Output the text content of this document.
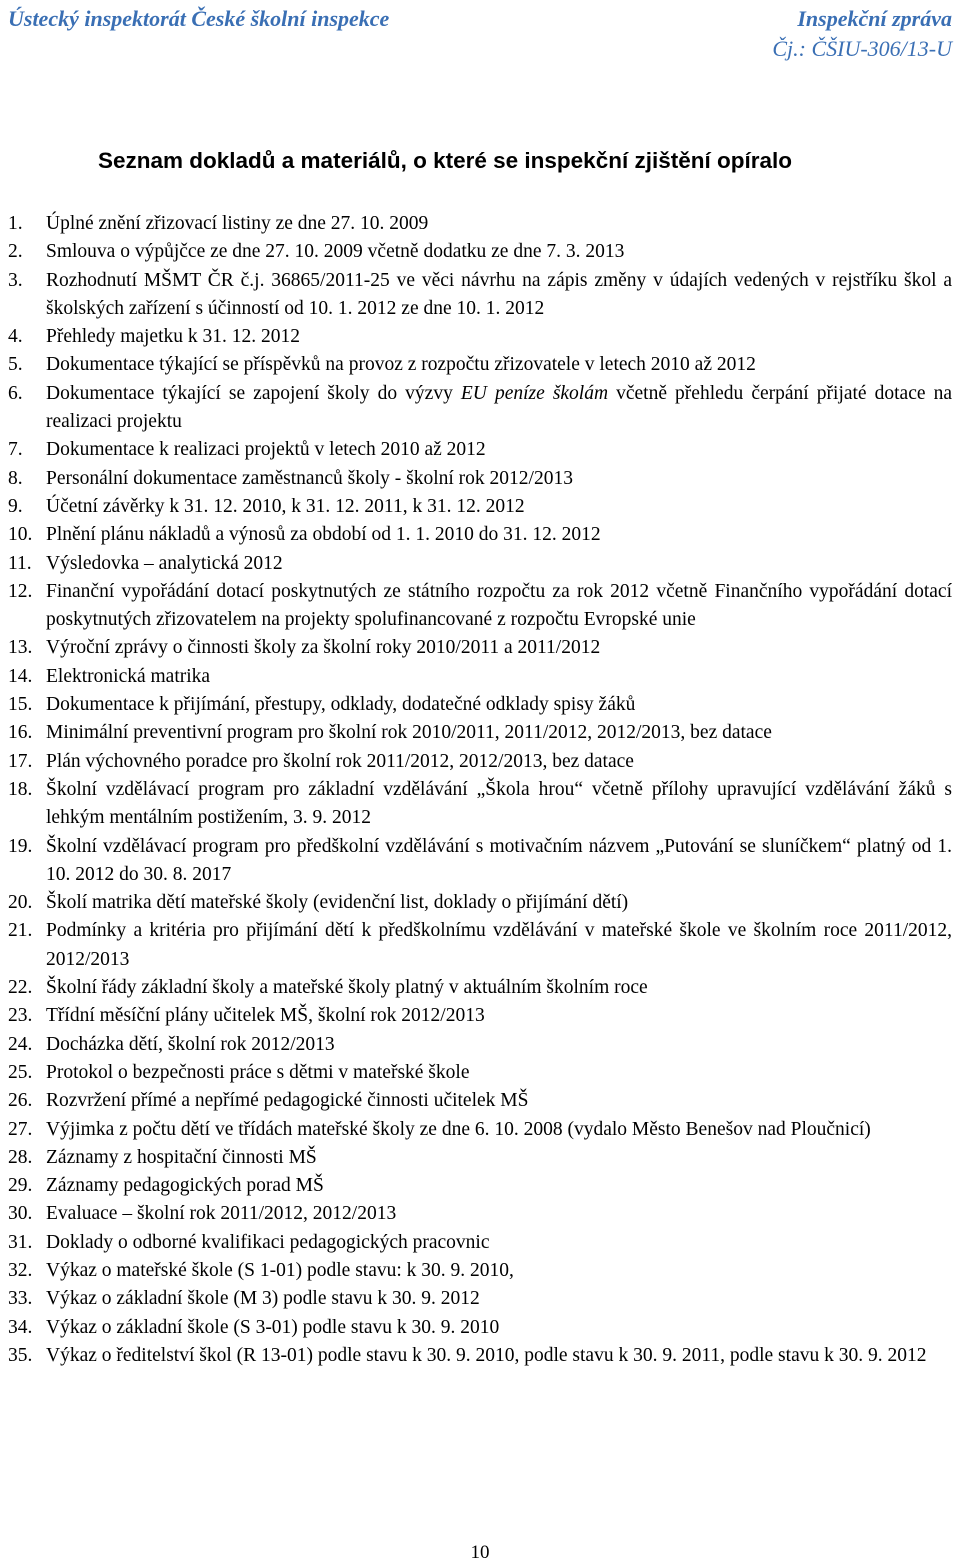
Ústecký inspektorát České školní inspekce	Inspekční zpráva
Čj.: ČŠIU-306/13-U
Seznam dokladů a materiálů, o které se inspekční zjištění opíralo
1.	Úplné znění zřizovací listiny ze dne 27. 10. 2009
2.	Smlouva o výpůjčce ze dne 27. 10. 2009 včetně dodatku ze dne 7. 3. 2013
3.	Rozhodnutí MŠMT ČR č.j. 36865/2011-25 ve věci návrhu na zápis změny v údajích vedených v rejstříku škol a školských zařízení s účinností od 10. 1. 2012 ze dne 10. 1. 2012
4.	Přehledy majetku k 31. 12. 2012
5.	Dokumentace týkající se příspěvků na provoz z rozpočtu zřizovatele v letech 2010 až 2012
6.	Dokumentace týkající se zapojení školy do výzvy EU peníze školám včetně přehledu čerpání přijaté dotace na realizaci projektu
7.	Dokumentace k realizaci projektů v letech 2010 až 2012
8.	Personální dokumentace zaměstnanců školy - školní rok 2012/2013
9.	Účetní závěrky k 31. 12. 2010, k 31. 12. 2011, k 31. 12. 2012
10. Plnění plánu nákladů a výnosů za období od 1. 1. 2010 do 31. 12. 2012
11. Výsledovka – analytická 2012
12. Finanční vypořádání dotací poskytnutých ze státního rozpočtu za rok 2012 včetně Finančního vypořádání dotací poskytnutých zřizovatelem na projekty spolufinancované z rozpočtu Evropské unie
13. Výroční zprávy o činnosti školy za školní roky 2010/2011 a 2011/2012
14. Elektronická matrika
15. Dokumentace k přijímání, přestupy, odklady, dodatečné odklady spisy žáků
16. Minimální preventivní program pro školní rok 2010/2011, 2011/2012, 2012/2013, bez datace
17. Plán výchovného poradce pro školní rok 2011/2012, 2012/2013, bez datace
18. Školní vzdělávací program pro základní vzdělávání „Škola hrou“ včetně přílohy upravující vzdělávání žáků s lehkým mentálním postižením, 3. 9. 2012
19. Školní vzdělávací program pro předškolní vzdělávání s motivačním názvem „Putování se sluníčkem“ platný od 1. 10. 2012 do 30. 8. 2017
20. Školí matrika dětí mateřské školy (evidenční list, doklady o přijímání dětí)
21. Podmínky a kritéria pro přijímání dětí k předškolnímu vzdělávání v mateřské škole ve školním roce 2011/2012, 2012/2013
22. Školní řády základní školy a mateřské školy platný v aktuálním školním roce
23. Třídní měsíční plány učitelek MŠ, školní rok 2012/2013
24. Docházka dětí, školní rok 2012/2013
25. Protokol o bezpečnosti práce s dětmi v mateřské škole
26. Rozvržení přímé a nepřímé pedagogické činnosti učitelek MŠ
27. Výjimka z počtu dětí ve třídách mateřské školy ze dne 6. 10. 2008 (vydalo Město Benešov nad Ploučnicí)
28. Záznamy z hospitační činnosti MŠ
29. Záznamy pedagogických porad MŠ
30. Evaluace – školní rok 2011/2012, 2012/2013
31. Doklady o odborné kvalifikaci pedagogických pracovnic
32. Výkaz o mateřské škole (S 1-01) podle stavu: k 30. 9. 2010,
33. Výkaz o základní škole (M 3) podle stavu k 30. 9. 2012
34. Výkaz o základní škole (S 3-01) podle stavu k 30. 9. 2010
35. Výkaz o ředitelství škol (R 13-01) podle stavu k 30. 9. 2010, podle stavu k 30. 9. 2011, podle stavu k 30. 9. 2012
10
